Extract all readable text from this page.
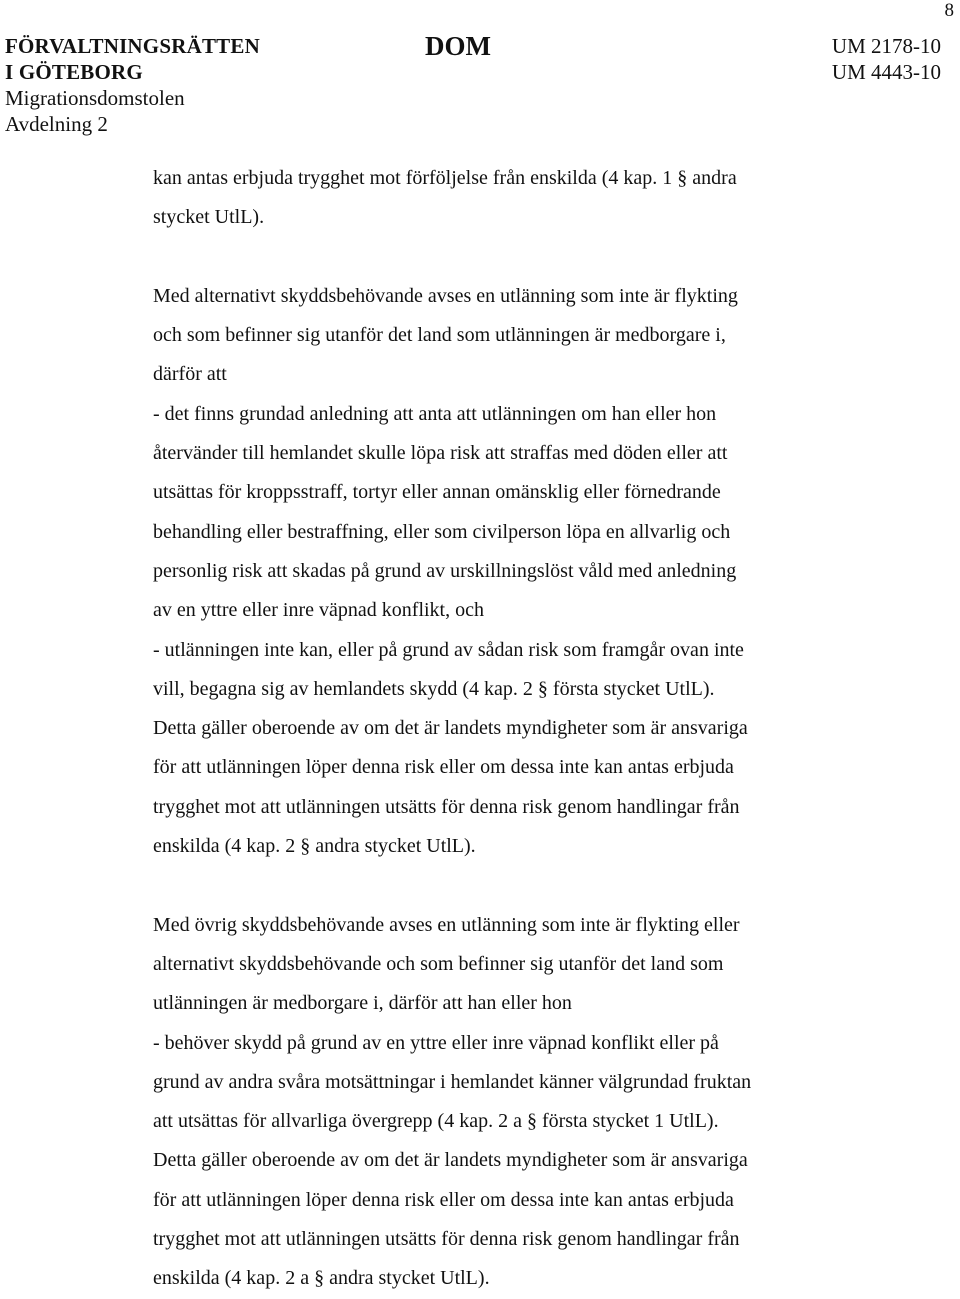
8
FÖRVALTNINGSRÄTTEN
I GÖTEBORG
Migrationsdomstolen
Avdelning 2
DOM	UM 2178-10
UM 4443-10
kan antas erbjuda trygghet mot förföljelse från enskilda (4 kap. 1 § andra
stycket UtlL).
Med alternativt skyddsbehövande avses en utlänning som inte är flykting
och som befinner sig utanför det land som utlänningen är medborgare i,
därför att
- det finns grundad anledning att anta att utlänningen om han eller hon
återvänder till hemlandet skulle löpa risk att straffas med döden eller att
utsättas för kroppsstraff, tortyr eller annan omänsklig eller förnedrande
behandling eller bestraffning, eller som civilperson löpa en allvarlig och
personlig risk att skadas på grund av urskillningslöst våld med anledning
av en yttre eller inre väpnad konflikt, och
- utlänningen inte kan, eller på grund av sådan risk som framgår ovan inte
vill, begagna sig av hemlandets skydd (4 kap. 2 § första stycket UtlL).
Detta gäller oberoende av om det är landets myndigheter som är ansvariga
för att utlänningen löper denna risk eller om dessa inte kan antas erbjuda
trygghet mot att utlänningen utsätts för denna risk genom handlingar från
enskilda (4 kap. 2 § andra stycket UtlL).
Med övrig skyddsbehövande avses en utlänning som inte är flykting eller
alternativt skyddsbehövande och som befinner sig utanför det land som
utlänningen är medborgare i, därför att han eller hon
- behöver skydd på grund av en yttre eller inre väpnad konflikt eller på
grund av andra svåra motsättningar i hemlandet känner välgrundad fruktan
att utsättas för allvarliga övergrepp (4 kap. 2 a § första stycket 1 UtlL).
Detta gäller oberoende av om det är landets myndigheter som är ansvariga
för att utlänningen löper denna risk eller om dessa inte kan antas erbjuda
trygghet mot att utlänningen utsätts för denna risk genom handlingar från
enskilda (4 kap. 2 a § andra stycket UtlL).
